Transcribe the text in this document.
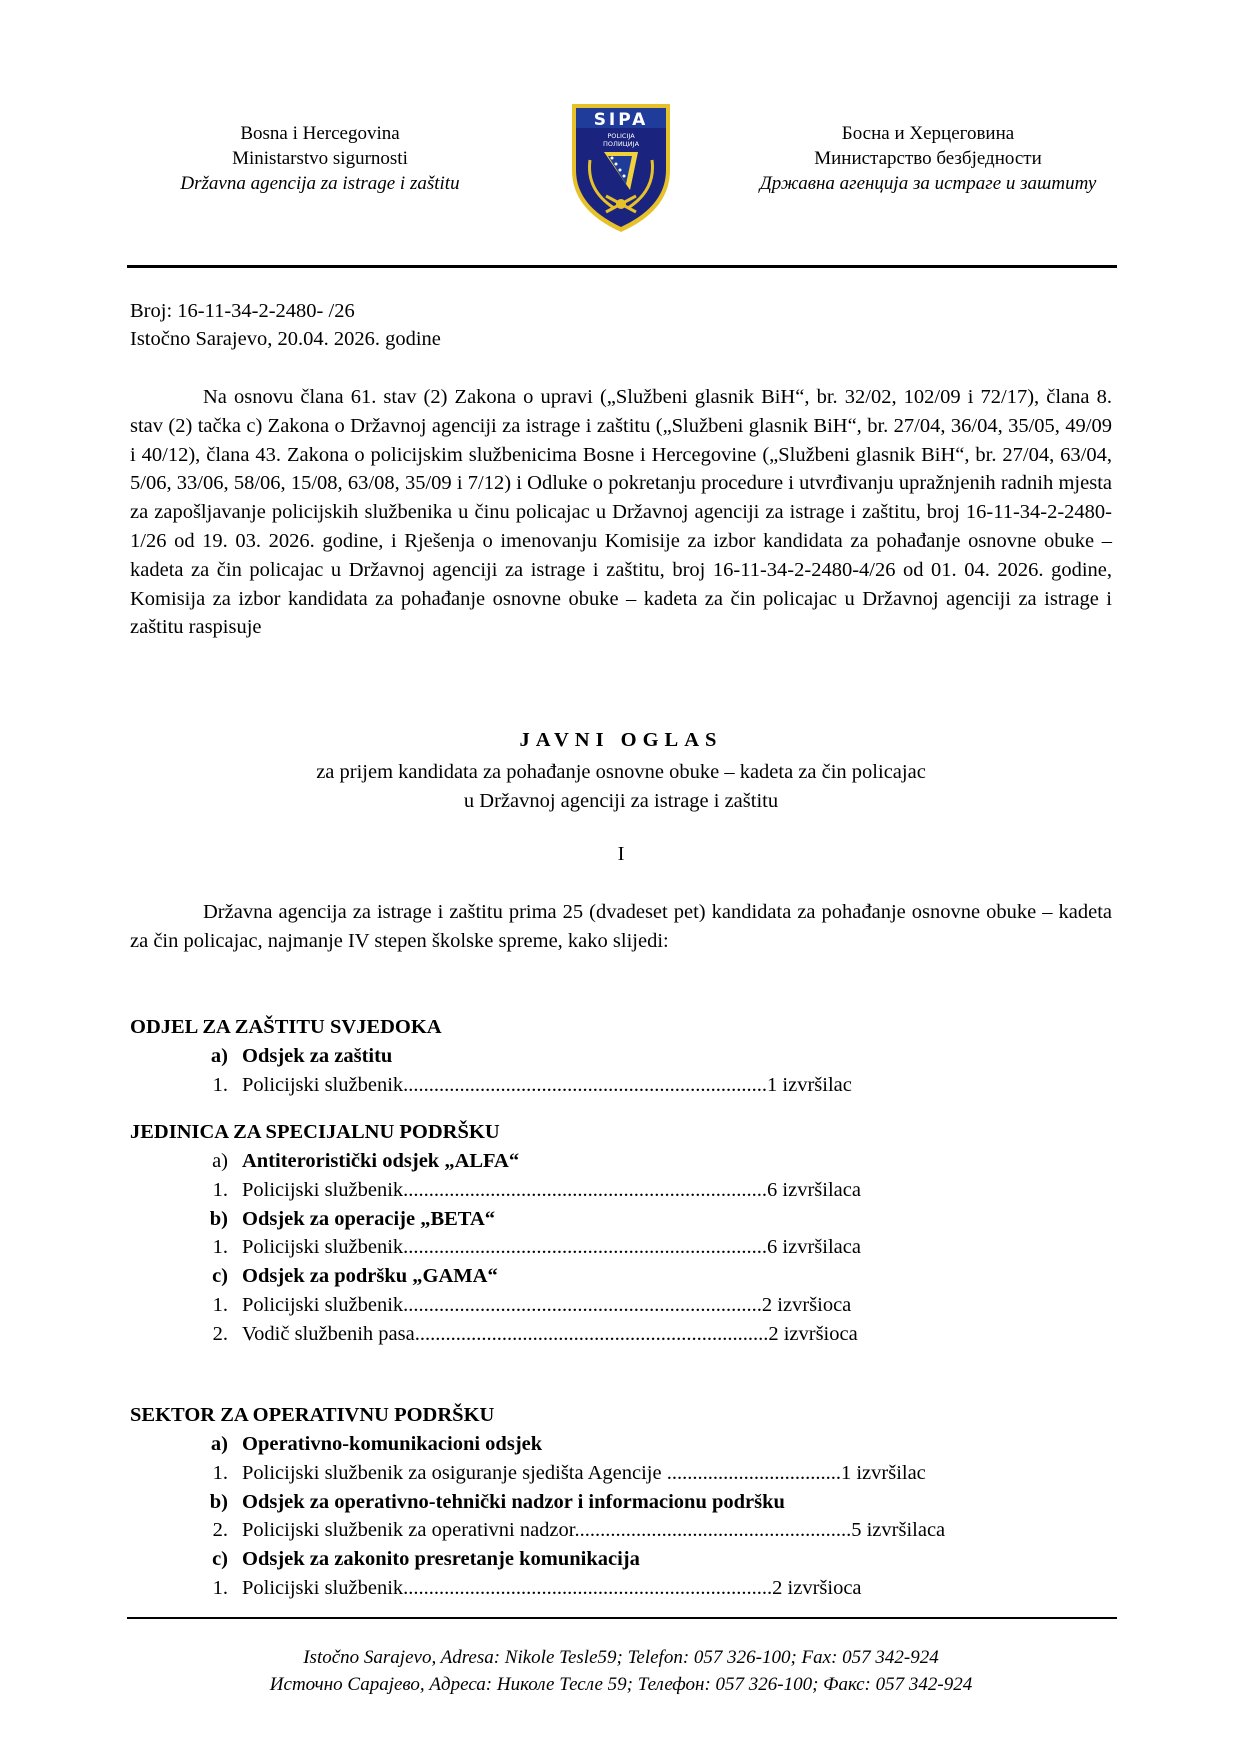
Bosna i Hercegovina
Ministarstvo sigurnosti
Državna agencija za istrage i zaštitu
SIPA
POLICIJA
ПОЛИЦИЈА	Босна и Херцеговина
Министарство безбједности
Државна агенција за истраге и заштиту
Broj: 16-11-34-2-2480- /26
Istočno Sarajevo, 20.04. 2026. godine

Na osnovu člana 61. stav (2) Zakona o upravi („Službeni glasnik BiH“, br. 32/02, 102/09 i 72/17), člana 8. stav (2) tačka c) Zakona o Državnoj agenciji za istrage i zaštitu („Službeni glasnik BiH“, br. 27/04, 36/04, 35/05, 49/09 i 40/12), člana 43. Zakona o policijskim službenicima Bosne i Hercegovine („Službeni glasnik BiH“, br. 27/04, 63/04, 5/06, 33/06, 58/06, 15/08, 63/08, 35/09 i 7/12) i Odluke o pokretanju procedure i utvrđivanju upražnjenih radnih mjesta za zapošljavanje policijskih službenika u činu policajac u Državnoj agenciji za istrage i zaštitu, broj 16-11-34-2-2480-1/26 od 19. 03. 2026. godine, i Rješenja o imenovanju Komisije za izbor kandidata za pohađanje osnovne obuke – kadeta za čin policajac u Državnoj agenciji za istrage i zaštitu, broj 16-11-34-2-2480-4/26 od 01. 04. 2026. godine, Komisija za izbor kandidata za pohađanje osnovne obuke – kadeta za čin policajac u Državnoj agenciji za istrage i zaštitu raspisuje

JAVNI OGLAS
za prijem kandidata za pohađanje osnovne obuke – kadeta za čin policajac
u Državnoj agenciji za istrage i zaštitu
I

Državna agencija za istrage i zaštitu prima 25 (dvadeset pet) kandidata za pohađanje osnovne obuke – kadeta za čin policajac, najmanje IV stepen školske spreme, kako slijedi:

ODJEL ZA ZAŠTITU SVJEDOKA
a) Odsjek za zaštitu
1. Policijski službenik.......................................................................1 izvršilac
JEDINICA ZA SPECIJALNU PODRŠKU
a) Antiteroristički odsjek „ALFA“
1. Policijski službenik.......................................................................6 izvršilaca
b) Odsjek za operacije „BETA“
1. Policijski službenik.......................................................................6 izvršilaca
c) Odsjek za podršku „GAMA“
1. Policijski službenik......................................................................2 izvršioca
2. Vodič službenih pasa.....................................................................2 izvršioca
SEKTOR ZA OPERATIVNU PODRŠKU
a) Operativno-komunikacioni odsjek
1. Policijski službenik za osiguranje sjedišta Agencije ..................................1 izvršilac
b) Odsjek za operativno-tehnički nadzor i informacionu podršku
2. Policijski službenik za operativni nadzor......................................................5 izvršilaca
c) Odsjek za zakonito presretanje komunikacija
1. Policijski službenik........................................................................2 izvršioca
Istočno Sarajevo, Adresa: Nikole Tesle59; Telefon: 057 326-100; Fax: 057 342-924
Источно Сарајево, Адреса: Николе Тесле 59; Телефон: 057 326-100; Факс: 057 342-924
